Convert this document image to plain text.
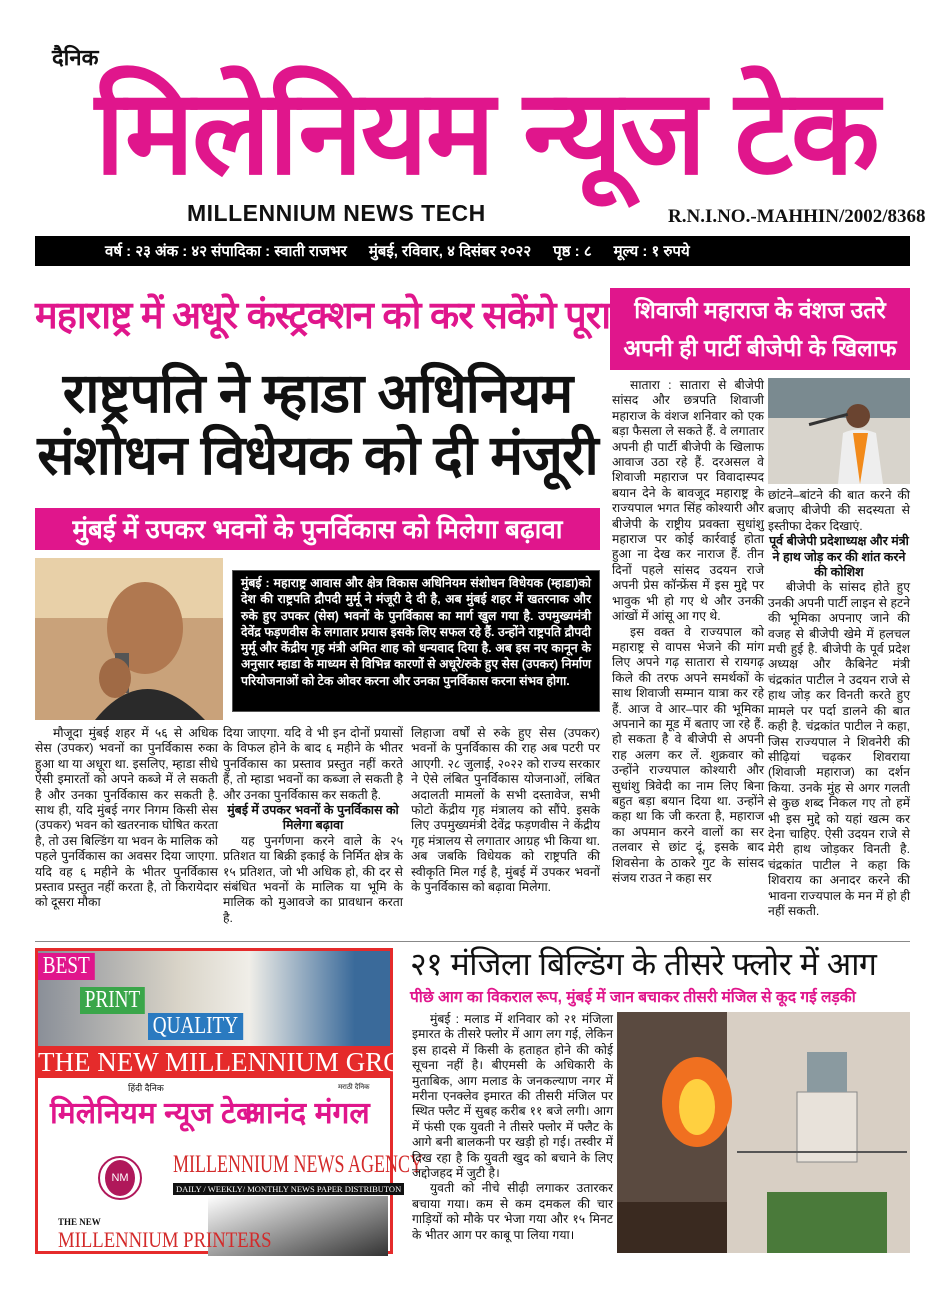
दैनिक
मिलेनियम न्यूज टेक
MILLENNIUM NEWS TECH	R.N.I.NO.-MAHHIN/2002/8368
वर्ष : २३ अंक : ४२ संपादिका : स्वाती राजभर मुंबई, रविवार, ४ दिसंबर २०२२ पृष्ठ : ८ मूल्य : १ रुपये
महाराष्ट्र में अधूरे कंस्ट्रक्शन को कर सकेंगे पूरा
राष्ट्रपति ने म्हाडा अधिनियम
संशोधन विधेयक को दी मंजूरी
मुंबई में उपकर भवनों के पुनर्विकास को मिलेगा बढ़ावा
मुंबई : महाराष्ट्र आवास और क्षेत्र विकास अधिनियम संशोधन विधेयक (म्हाडा)को देश की राष्ट्रपति द्रौपदी मुर्मू ने मंजूरी दे दी है, अब मुंबई शहर में खतरनाक और रुके हुए उपकर (सेस) भवनों के पुनर्विकास का मार्ग खुल गया है. उपमुख्यमंत्री देवेंद्र फड़णवीस के लगातार प्रयास इसके लिए सफल रहे हैं. उन्होंने राष्ट्रपति द्रौपदी मुर्मू और केंद्रीय गृह मंत्री अमित शाह को धन्यवाद दिया है. अब इस नए कानून के अनुसार म्हाडा के माध्यम से विभिन्न कारणों से अधूरे/रुके हुए सेस (उपकर) निर्माण परियोजनाओं को टेक ओवर करना और उनका पुनर्विकास करना संभव होगा.

मौजूदा मुंबई शहर में ५६ से अधिक सेस (उपकर) भवनों का पुनर्विकास रुका हुआ था या अधूरा था. इसलिए, म्हाडा सीधे ऐसी इमारतों को अपने कब्जे में ले सकती है और उनका पुनर्विकास कर सकती है. साथ ही, यदि मुंबई नगर निगम किसी सेस (उपकर) भवन को खतरनाक घोषित करता है, तो उस बिल्डिंग या भवन के मालिक को पहले पुनर्विकास का अवसर दिया जाएगा. यदि वह ६ महीने के भीतर पुनर्विकास प्रस्ताव प्रस्तुत नहीं करता है, तो किरायेदार को दूसरा मौका

दिया जाएगा. यदि वे भी इन दोनों प्रयासों के विफल होने के बाद ६ महीने के भीतर पुनर्विकास का प्रस्ताव प्रस्तुत नहीं करते हैं, तो म्हाडा भवनों का कब्जा ले सकती है और उनका पुनर्विकास कर सकती है.

मुंबई में उपकर भवनों के पुनर्विकास को मिलेगा बढ़ावा

यह पुनर्गणना करने वाले के २५ प्रतिशत या बिक्री इकाई के निर्मित क्षेत्र के १५ प्रतिशत, जो भी अधिक हो, की दर से संबंधित भवनों के मालिक या भूमि के मालिक को मुआवजे का प्रावधान करता है.

लिहाजा वर्षों से रुके हुए सेस (उपकर) भवनों के पुनर्विकास की राह अब पटरी पर आएगी. २८ जुलाई, २०२२ को राज्य सरकार ने ऐसे लंबित पुनर्विकास योजनाओं, लंबित अदालती मामलों के सभी दस्तावेज, सभी फोटो केंद्रीय गृह मंत्रालय को सौंपे. इसके लिए उपमुख्यमंत्री देवेंद्र फड़णवीस ने केंद्रीय गृह मंत्रालय से लगातार आग्रह भी किया था. अब जबकि विधेयक को राष्ट्रपति की स्वीकृति मिल गई है, मुंबई में उपकर भवनों के पुनर्विकास को बढ़ावा मिलेगा.

शिवाजी महाराज के वंशज उतरे
अपनी ही पार्टी बीजेपी के खिलाफ

सातारा : सातारा से बीजेपी सांसद और छत्रपति शिवाजी महाराज के वंशज शनिवार को एक बड़ा फैसला ले सकते हैं. वे लगातार अपनी ही पार्टी बीजेपी के खिलाफ आवाज उठा रहे हैं. दरअसल वे शिवाजी महाराज पर विवादास्पद बयान देने के बावजूद महाराष्ट्र के राज्यपाल भगत सिंह कोश्यारी और बीजेपी के राष्ट्रीय प्रवक्ता सुधांशु महाराज पर कोई कार्रवाई होता हुआ ना देख कर नाराज हैं. तीन दिनों पहले सांसद उदयन राजे अपनी प्रेस कॉन्फ्रेंस में इस मुद्दे पर भावुक भी हो गए थे और उनकी आंखों में आंसू आ गए थे.

इस वक्त वे राज्यपाल को महाराष्ट्र से वापस भेजने की मांग लिए अपने गढ़ सातारा से रायगढ़ किले की तरफ अपने समर्थकों के साथ शिवाजी सम्मान यात्रा कर रहे हैं. आज वे आर–पार की भूमिका अपनाने का मूड में बताए जा रहे हैं. हो सकता है वे बीजेपी से अपनी राह अलग कर लें. शुक्रवार को उन्होंने राज्यपाल कोश्यारी और सुधांशु त्रिवेदी का नाम लिए बिना बहुत बड़ा बयान दिया था. उन्होंने कहा था कि जी करता है, महाराज का अपमान करने वालों का सर तलवार से छांट दूं, इसके बाद शिवसेना के ठाकरे गुट के सांसद संजय राउत ने कहा सर

छांटने–बांटने की बात करने की बजाए बीजेपी की सदस्यता से इस्तीफा देकर दिखाएं.

पूर्व बीजेपी प्रदेशाध्यक्ष और मंत्री ने हाथ जोड़ कर की शांत करने की कोशिश

बीजेपी के सांसद होते हुए उनकी अपनी पार्टी लाइन से हटने की भूमिका अपनाए जाने की वजह से बीजेपी खेमे में हलचल मची हुई है. बीजेपी के पूर्व प्रदेश अध्यक्ष और कैबिनेट मंत्री चंद्रकांत पाटील ने उदयन राजे से हाथ जोड़ कर विनती करते हुए मामले पर पर्दा डालने की बात कही है. चंद्रकांत पाटील ने कहा, जिस राज्यपाल ने शिवनेरी की सीढ़ियां चढ़कर शिवराया (शिवाजी महाराज) का दर्शन किया. उनके मुंह से अगर गलती से कुछ शब्द निकल गए तो हमें भी इस मुद्दे को यहां खत्म कर देना चाहिए. ऐसी उदयन राजे से मेरी हाथ जोड़कर विनती है. चंद्रकांत पाटील ने कहा कि शिवराय का अनादर करने की भावना राज्यपाल के मन में हो ही नहीं सकती.

BEST
PRINT
QUALITY
THE NEW MILLENNIUM GROUP
हिंदी दैनिक
मिलेनियम न्यूज टेक
मराठी दैनिक
आनंद मंगल
NM MILLENNIUM NEWS AGENCY
DAILY / WEEKLY/ MONTHLY NEWS PAPER DISTRIBUTON
THE NEW
MILLENNIUM PRINTERS
२१ मंजिला बिल्डिंग के तीसरे फ्लोर में आग
पीछे आग का विकराल रूप, मुंबई में जान बचाकर तीसरी मंजिल से कूद गई लड़की

मुंबई : मलाड में शनिवार को २१ मंजिला इमारत के तीसरे फ्लोर में आग लग गई, लेकिन इस हादसे में किसी के हताहत होने की कोई सूचना नहीं है। बीएमसी के अधिकारी के मुताबिक, आग मलाड के जनकल्याण नगर में मरीना एनक्लेव इमारत की तीसरी मंजिल पर स्थित फ्लैट में सुबह करीब ११ बजे लगी। आग में फंसी एक युवती ने तीसरे फ्लोर में फ्लैट के आगे बनी बालकनी पर खड़ी हो गई। तस्वीर में दिख रहा है कि युवती खुद को बचाने के लिए जद्दोजहद में जुटी है।

युवती को नीचे सीढ़ी लगाकर उतारकर बचाया गया। कम से कम दमकल की चार गाड़ियों को मौके पर भेजा गया और १५ मिनट के भीतर आग पर काबू पा लिया गया।
